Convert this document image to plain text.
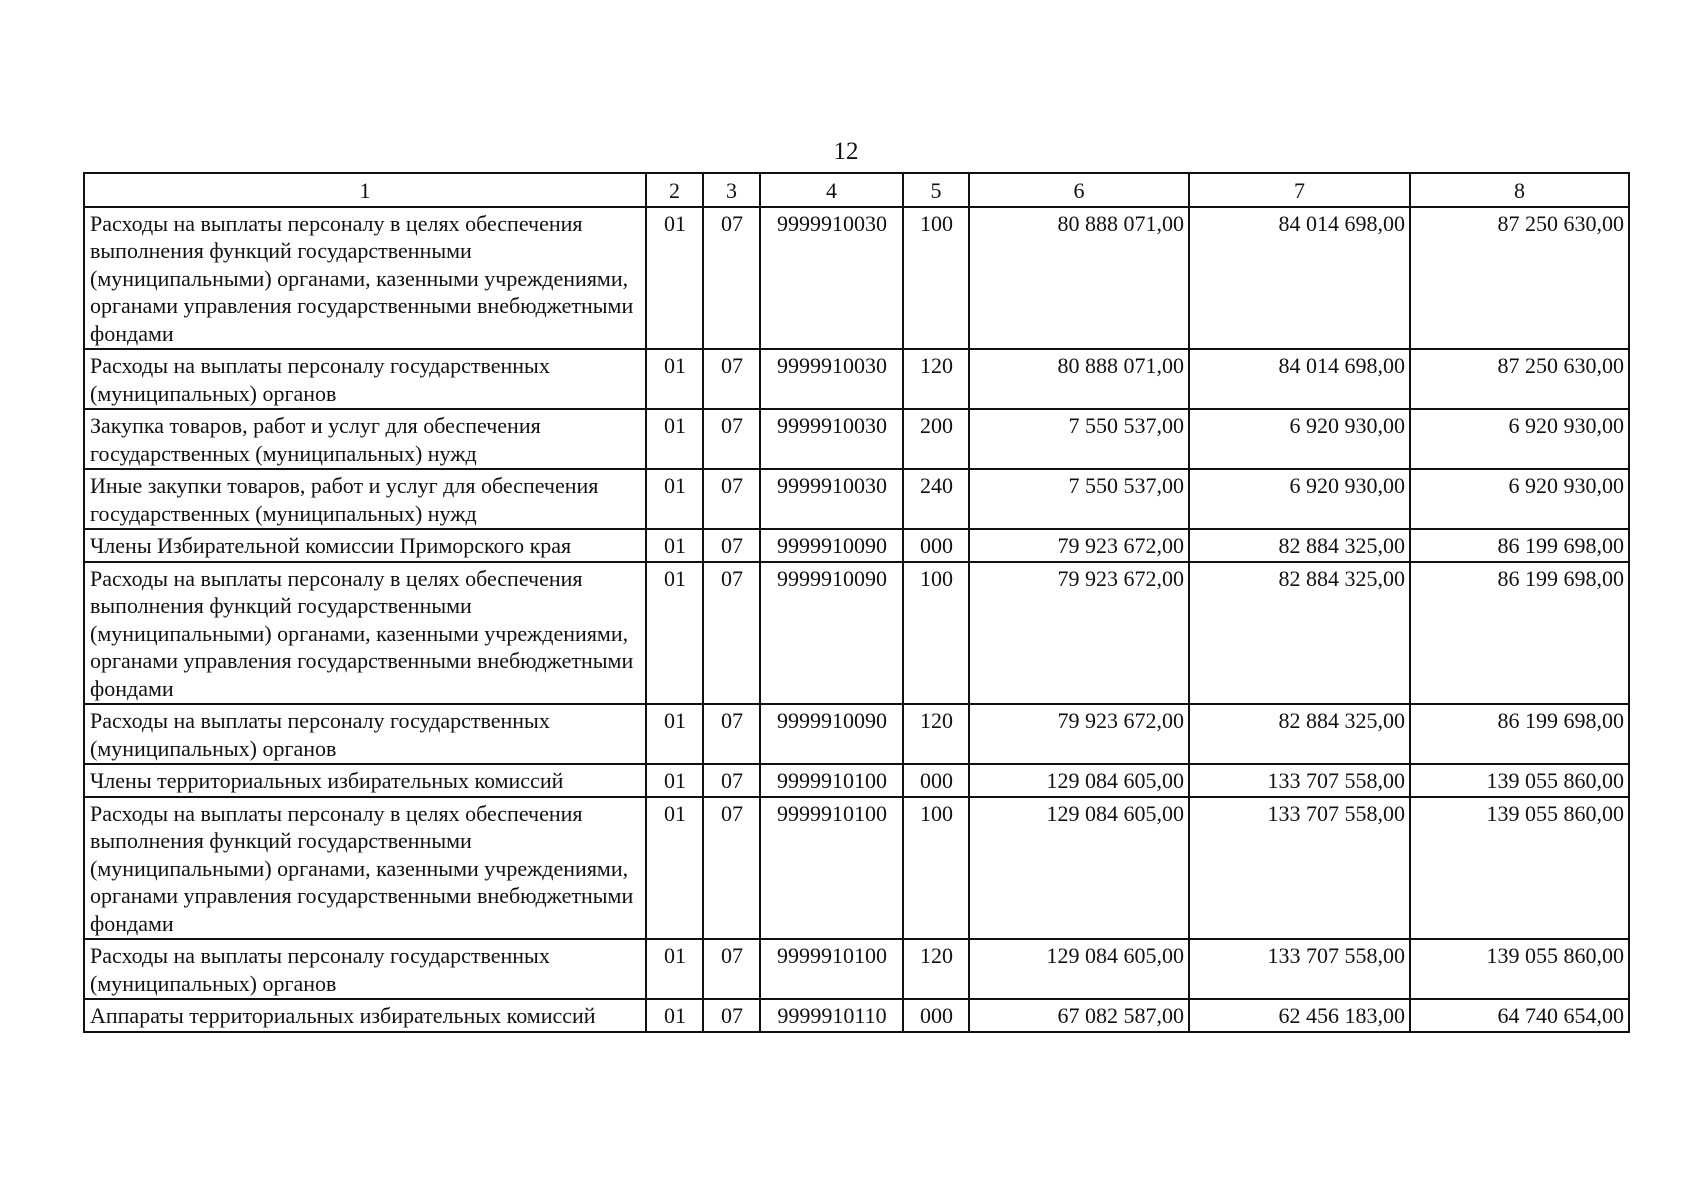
12
1	2	3	4	5	6	7	8
Расходы на выплаты персоналу в целях обеспечения выполнения функций государственными (муниципальными) органами, казенными учреждениями, органами управления государственными внебюджетными фондами	01	07	9999910030	100	80 888 071,00	84 014 698,00	87 250 630,00
Расходы на выплаты персоналу государственных (муниципальных) органов	01	07	9999910030	120	80 888 071,00	84 014 698,00	87 250 630,00
Закупка товаров, работ и услуг для обеспечения государственных (муниципальных) нужд	01	07	9999910030	200	7 550 537,00	6 920 930,00	6 920 930,00
Иные закупки товаров, работ и услуг для обеспечения государственных (муниципальных) нужд	01	07	9999910030	240	7 550 537,00	6 920 930,00	6 920 930,00
Члены Избирательной комиссии Приморского края	01	07	9999910090	000	79 923 672,00	82 884 325,00	86 199 698,00
Расходы на выплаты персоналу в целях обеспечения выполнения функций государственными (муниципальными) органами, казенными учреждениями, органами управления государственными внебюджетными фондами	01	07	9999910090	100	79 923 672,00	82 884 325,00	86 199 698,00
Расходы на выплаты персоналу государственных (муниципальных) органов	01	07	9999910090	120	79 923 672,00	82 884 325,00	86 199 698,00
Члены территориальных избирательных комиссий	01	07	9999910100	000	129 084 605,00	133 707 558,00	139 055 860,00
Расходы на выплаты персоналу в целях обеспечения выполнения функций государственными (муниципальными) органами, казенными учреждениями, органами управления государственными внебюджетными фондами	01	07	9999910100	100	129 084 605,00	133 707 558,00	139 055 860,00
Расходы на выплаты персоналу государственных (муниципальных) органов	01	07	9999910100	120	129 084 605,00	133 707 558,00	139 055 860,00
Аппараты территориальных избирательных комиссий	01	07	9999910110	000	67 082 587,00	62 456 183,00	64 740 654,00
